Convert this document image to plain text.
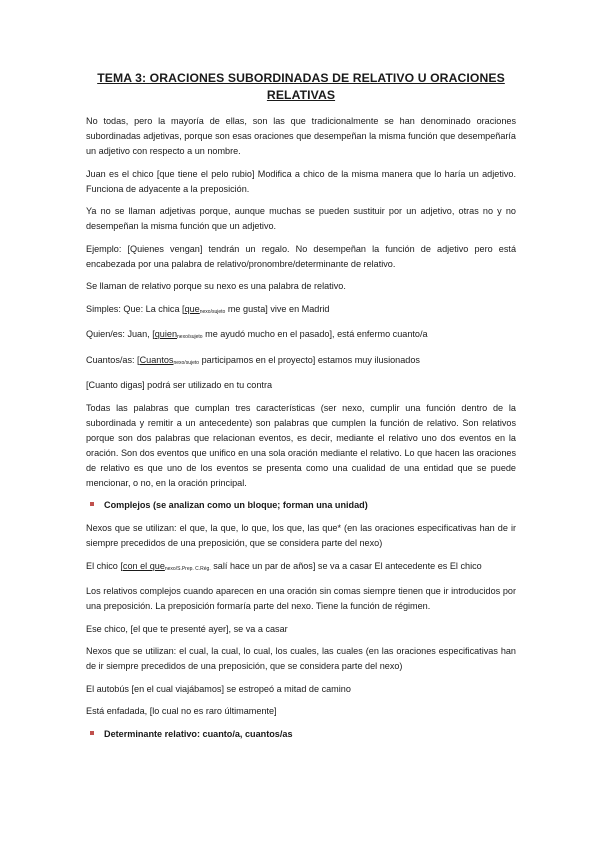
TEMA 3: ORACIONES SUBORDINADAS DE RELATIVO U ORACIONES RELATIVAS

No todas, pero la mayoría de ellas, son las que tradicionalmente se han denominado oraciones subordinadas adjetivas, porque son esas oraciones que desempeñan la misma función que desempeñaría un adjetivo con respecto a un nombre.

Juan es el chico [que tiene el pelo rubio] Modifica a chico de la misma manera que lo haría un adjetivo. Funciona de adyacente a la preposición.

Ya no se llaman adjetivas porque, aunque muchas se pueden sustituir por un adjetivo, otras no y no desempeñan la misma función que un adjetivo.

Ejemplo: [Quienes vengan] tendrán un regalo. No desempeñan la función de adjetivo pero está encabezada por una palabra de relativo/pronombre/determinante de relativo.

Se llaman de relativo porque su nexo es una palabra de relativo.

Simples: Que: La chica [que$_{nexo/sujeto}$ me gusta] vive en Madrid

Quien/es: Juan, [quien$_{nexo/sujeto}$ me ayudó mucho en el pasado], está enfermo cuanto/a

Cuantos/as: [Cuantos$_{nexo/sujeto}$ participamos en el proyecto] estamos muy ilusionados

[Cuanto digas] podrá ser utilizado en tu contra

Todas las palabras que cumplan tres características (ser nexo, cumplir una función dentro de la subordinada y remitir a un antecedente) son palabras que cumplen la función de relativo. Son relativos porque son dos palabras que relacionan eventos, es decir, mediante el relativo uno dos eventos en la oración. Son dos eventos que unifico en una sola oración mediante el relativo. Lo que hacen las oraciones de relativo es que uno de los eventos se presenta como una cualidad de una entidad que se puede mencionar, o no, en la oración principal.

Complejos (se analizan como un bloque; forman una unidad)

Nexos que se utilizan: el que, la que, lo que, los que, las que* (en las oraciones especificativas han de ir siempre precedidos de una preposición, que se considera parte del nexo)

El chico [con el que$_{nexo/S.Prep. C.Rég.}$ salí hace un par de años] se va a casar El antecedente es El chico

Los relativos complejos cuando aparecen en una oración sin comas siempre tienen que ir introducidos por una preposición. La preposición formaría parte del nexo. Tiene la función de régimen.

Ese chico, [el que te presenté ayer], se va a casar

Nexos que se utilizan: el cual, la cual, lo cual, los cuales, las cuales (en las oraciones especificativas han de ir siempre precedidos de una preposición, que se considera parte del nexo)

El autobús [en el cual viajábamos] se estropeó a mitad de camino

Está enfadada, [lo cual no es raro últimamente]

Determinante relativo: cuanto/a, cuantos/as
